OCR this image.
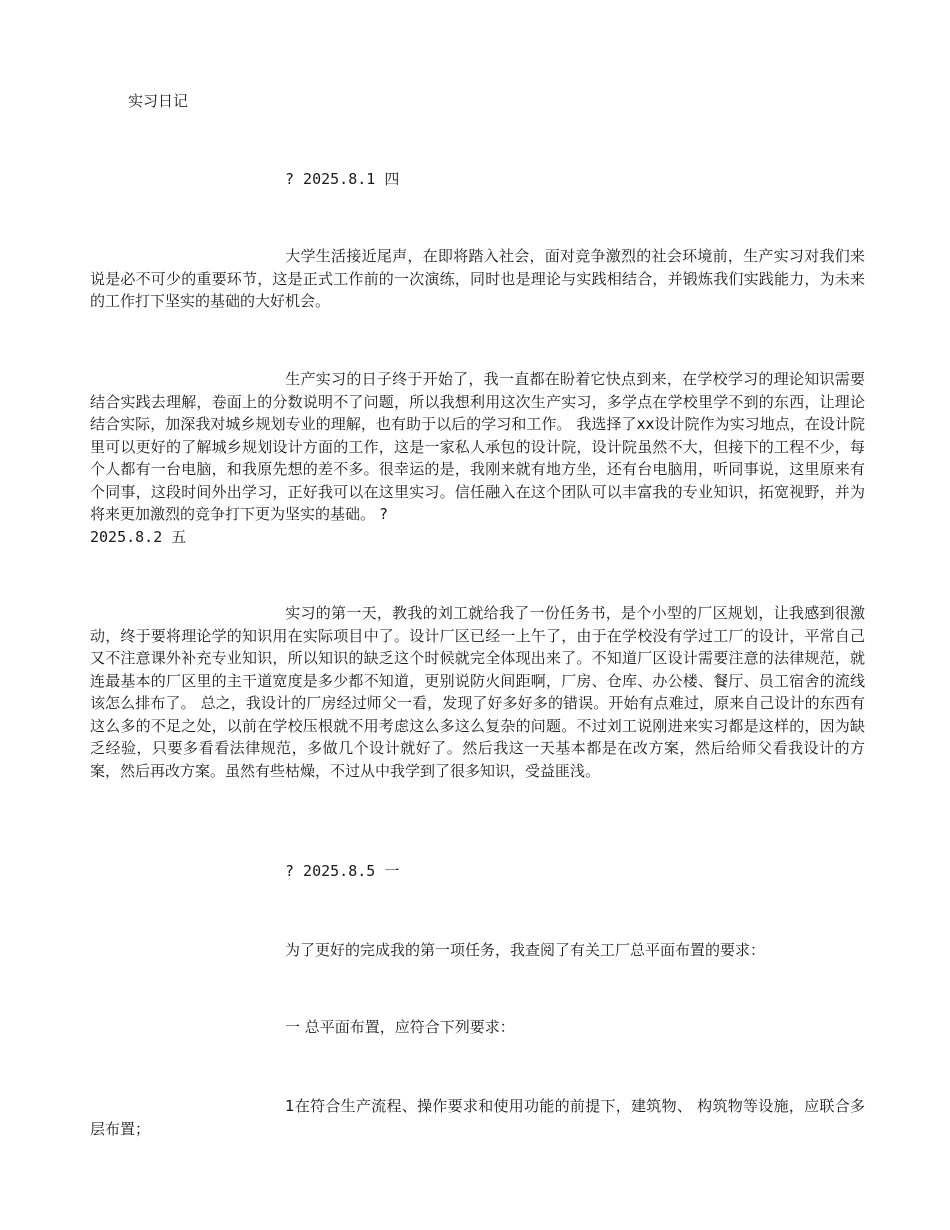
实习日记
? 2025.8.1 四
大学生活接近尾声，在即将踏入社会，面对竞争激烈的社会环境前，生产实习对我们来说是必不可少的重要环节，这是正式工作前的一次演练，同时也是理论与实践相结合，并锻炼我们实践能力，为未来的工作打下坚实的基础的大好机会。
生产实习的日子终于开始了，我一直都在盼着它快点到来，在学校学习的理论知识需要结合实践去理解，卷面上的分数说明不了问题，所以我想利用这次生产实习，多学点在学校里学不到的东西，让理论结合实际，加深我对城乡规划专业的理解，也有助于以后的学习和工作。 我选择了xx设计院作为实习地点，在设计院里可以更好的了解城乡规划设计方面的工作，这是一家私人承包的设计院，设计院虽然不大，但接下的工程不少，每个人都有一台电脑，和我原先想的差不多。很幸运的是，我刚来就有地方坐，还有台电脑用，听同事说，这里原来有个同事，这段时间外出学习，正好我可以在这里实习。信任融入在这个团队可以丰富我的专业知识，拓宽视野，并为将来更加激烈的竞争打下更为坚实的基础。 ?
2025.8.2 五
实习的第一天，教我的刘工就给我了一份任务书，是个小型的厂区规划，让我感到很激动，终于要将理论学的知识用在实际项目中了。设计厂区已经一上午了，由于在学校没有学过工厂的设计，平常自己又不注意课外补充专业知识，所以知识的缺乏这个时候就完全体现出来了。不知道厂区设计需要注意的法律规范，就连最基本的厂区里的主干道宽度是多少都不知道，更别说防火间距啊，厂房、仓库、办公楼、餐厅、员工宿舍的流线该怎么排布了。 总之，我设计的厂房经过师父一看，发现了好多好多的错误。开始有点难过，原来自己设计的东西有这么多的不足之处，以前在学校压根就不用考虑这么多这么复杂的问题。不过刘工说刚进来实习都是这样的，因为缺乏经验，只要多看看法律规范，多做几个设计就好了。然后我这一天基本都是在改方案，然后给师父看我设计的方案，然后再改方案。虽然有些枯燥，不过从中我学到了很多知识，受益匪浅。
? 2025.8.5 一
为了更好的完成我的第一项任务，我查阅了有关工厂总平面布置的要求：
一 总平面布置，应符合下列要求：
1在符合生产流程、操作要求和使用功能的前提下，建筑物、 构筑物等设施，应联合多层布置；
